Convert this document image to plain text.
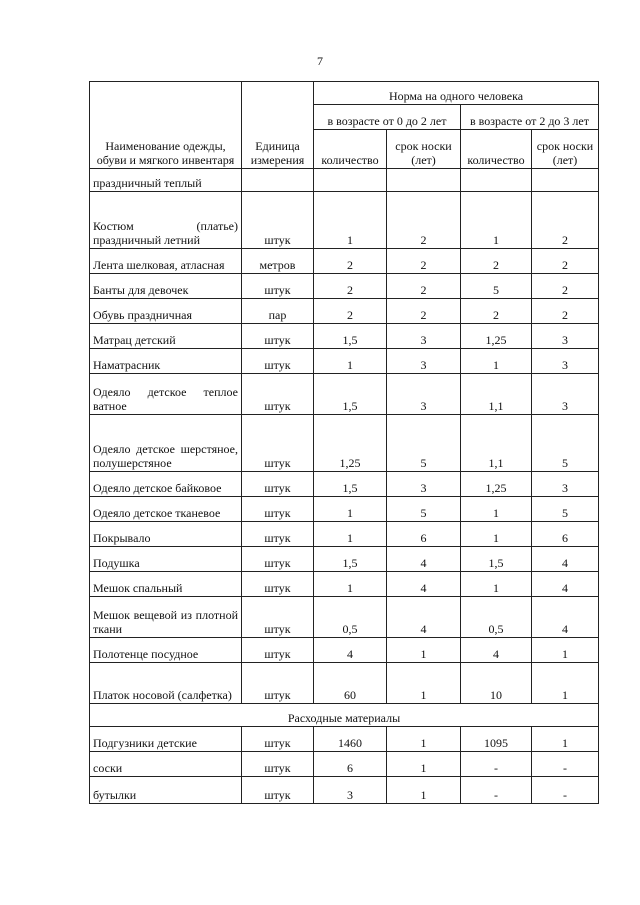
7
Наименование одежды, обуви и мягкого инвентаря	Единица измерения	Норма на одного человека			
		в возрасте от 0 до 2 лет		в возрасте от 2 до 3 лет	
		количество	срок носки (лет)	количество	срок носки (лет)
праздничный теплый					
Костюм (платье) праздничный летний	штук	1	2	1	2
Лента шелковая, атласная	метров	2	2	2	2
Банты для девочек	штук	2	2	5	2
Обувь праздничная	пар	2	2	2	2
Матрац детский	штук	1,5	3	1,25	3
Наматрасник	штук	1	3	1	3
Одеяло детское теплое ватное	штук	1,5	3	1,1	3
Одеяло детское шерстяное, полушерстяное	штук	1,25	5	1,1	5
Одеяло детское байковое	штук	1,5	3	1,25	3
Одеяло детское тканевое	штук	1	5	1	5
Покрывало	штук	1	6	1	6
Подушка	штук	1,5	4	1,5	4
Мешок спальный	штук	1	4	1	4
Мешок вещевой из плотной ткани	штук	0,5	4	0,5	4
Полотенце посудное	штук	4	1	4	1
Платок носовой (салфетка)	штук	60	1	10	1
Расходные материалы					
Подгузники детские	штук	1460	1	1095	1
соски	штук	6	1	-	-
бутылки	штук	3	1	-	-
